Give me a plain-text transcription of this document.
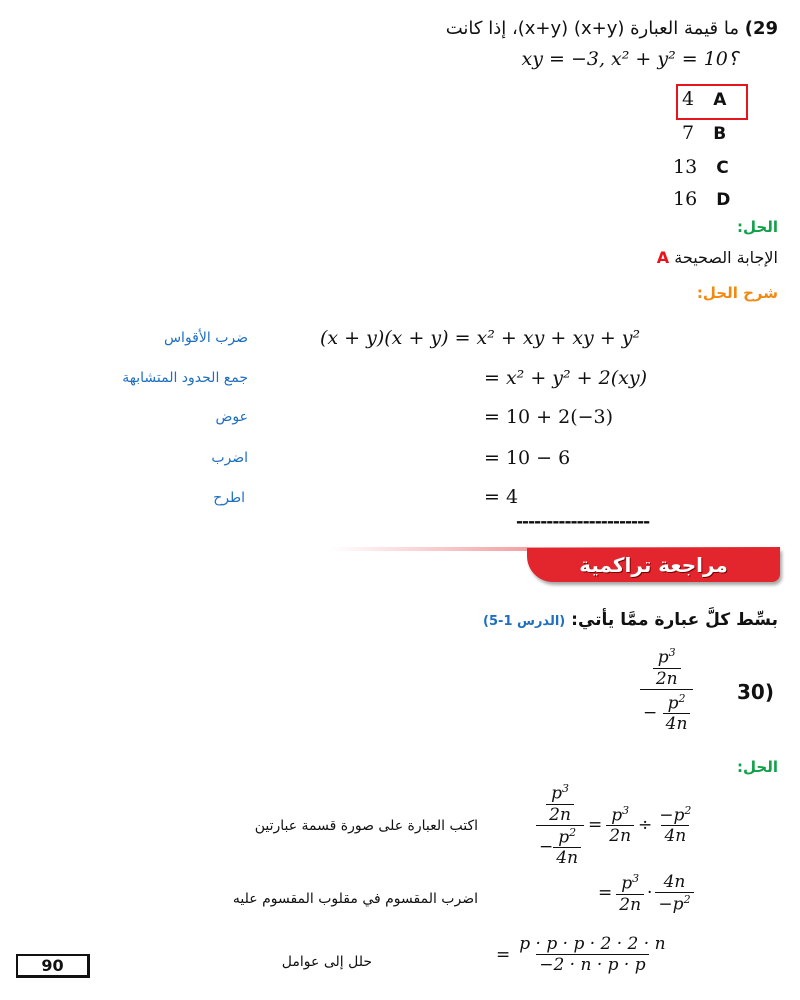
29) ما قيمة العبارة (x+y) (x+y)، إذا كانت
؟xy = −3, x² + y² = 10
4 A
7 B
13 C
16 D
الحل:
الإجابة الصحيحة A
شرح الحل:
(x + y)(x + y) = x² + xy + xy + y²
ضرب الأقواس
= x² + y² + 2(xy)
جمع الحدود المتشابهة
= 10 + 2(−3)
عوض
= 10 − 6
اضرب
= 4
اطرح
----------------------
مراجعة تراكمية
بسِّط كلَّ عبارة ممَّا يأتي: (الدرس 1-5)
30)
$\frac{\frac{p^3}{2n}}{- \frac{p^2}{4n}}$
الحل:
$\frac{\frac{p^3}{2n}}{- \frac{p^2}{4n}} = \frac{p^3}{2n} \div \frac{-p^2}{4n}$
اكتب العبارة على صورة قسمة عبارتين
= $\frac{p^3}{2n} \cdot \frac{4n}{-p^2}$
اضرب المقسوم في مقلوب المقسوم عليه
= $\frac{p \cdot p \cdot p \cdot 2 \cdot 2 \cdot n}{-2 \cdot n \cdot p \cdot p}$
حلل إلى عوامل
90
